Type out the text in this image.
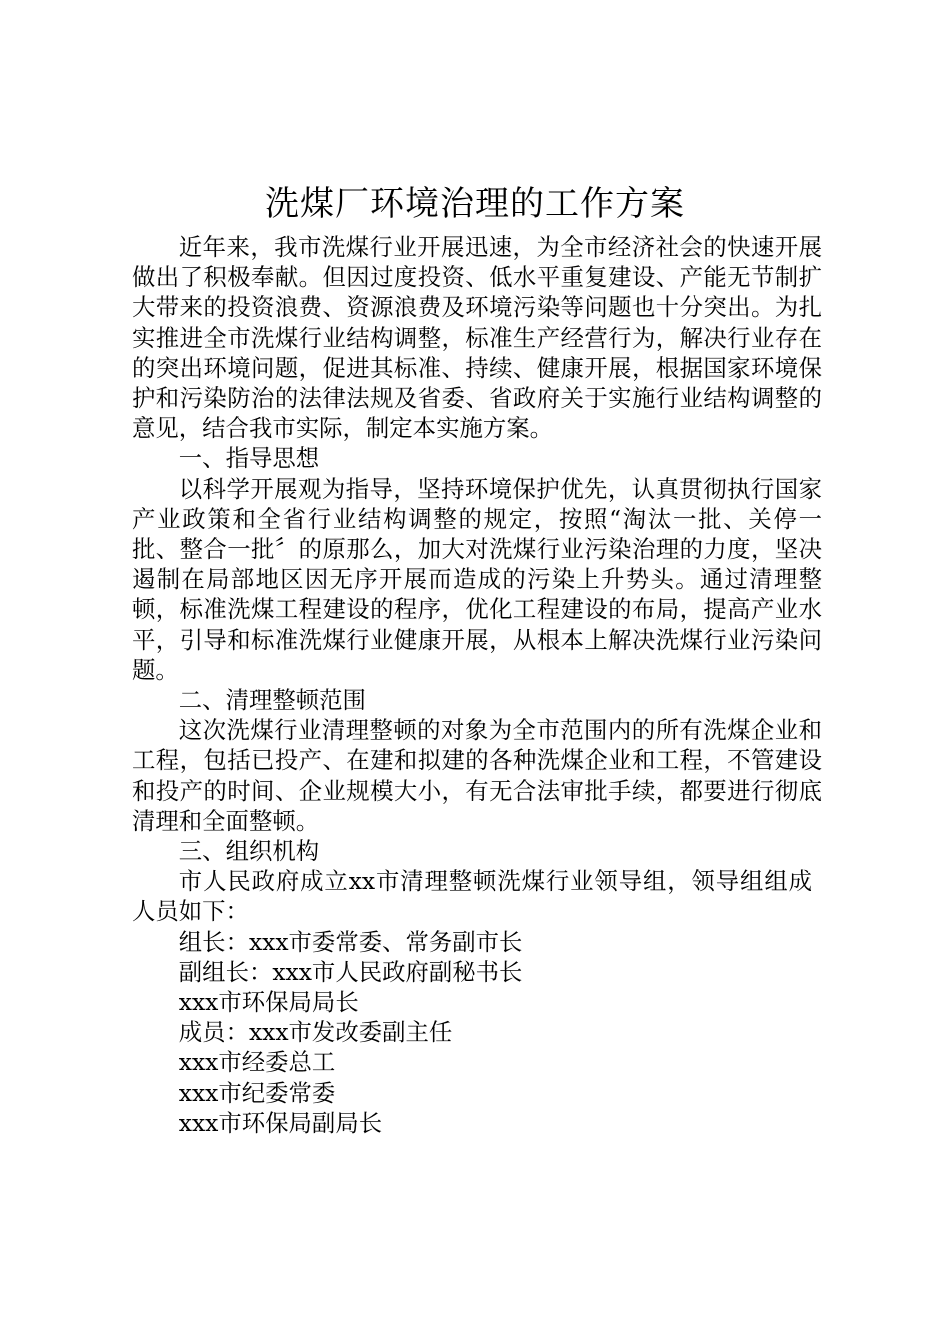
洗煤厂环境治理的工作方案

近年来，我市洗煤行业开展迅速，为全市经济社会的快速开展做出了积极奉献。但因过度投资、低水平重复建设、产能无节制扩大带来的投资浪费、资源浪费及环境污染等问题也十分突出。为扎实推进全市洗煤行业结构调整，标准生产经营行为，解决行业存在的突出环境问题，促进其标准、持续、健康开展，根据国家环境保护和污染防治的法律法规及省委、省政府关于实施行业结构调整的意见，结合我市实际，制定本实施方案。

一、指导思想

以科学开展观为指导，坚持环境保护优先，认真贯彻执行国家产业政策和全省行业结构调整的规定，按照“淘汰一批、关停一批、整合一批〞的原那么，加大对洗煤行业污染治理的力度，坚决遏制在局部地区因无序开展而造成的污染上升势头。通过清理整顿，标准洗煤工程建设的程序，优化工程建设的布局，提高产业水平，引导和标准洗煤行业健康开展，从根本上解决洗煤行业污染问题。

二、清理整顿范围

这次洗煤行业清理整顿的对象为全市范围内的所有洗煤企业和工程，包括已投产、在建和拟建的各种洗煤企业和工程，不管建设和投产的时间、企业规模大小，有无合法审批手续，都要进行彻底清理和全面整顿。

三、组织机构

市人民政府成立xx市清理整顿洗煤行业领导组，领导组组成人员如下：

组长：xxx市委常委、常务副市长

副组长：xxx市人民政府副秘书长

xxx市环保局局长

成员：xxx市发改委副主任

xxx市经委总工

xxx市纪委常委

xxx市环保局副局长
